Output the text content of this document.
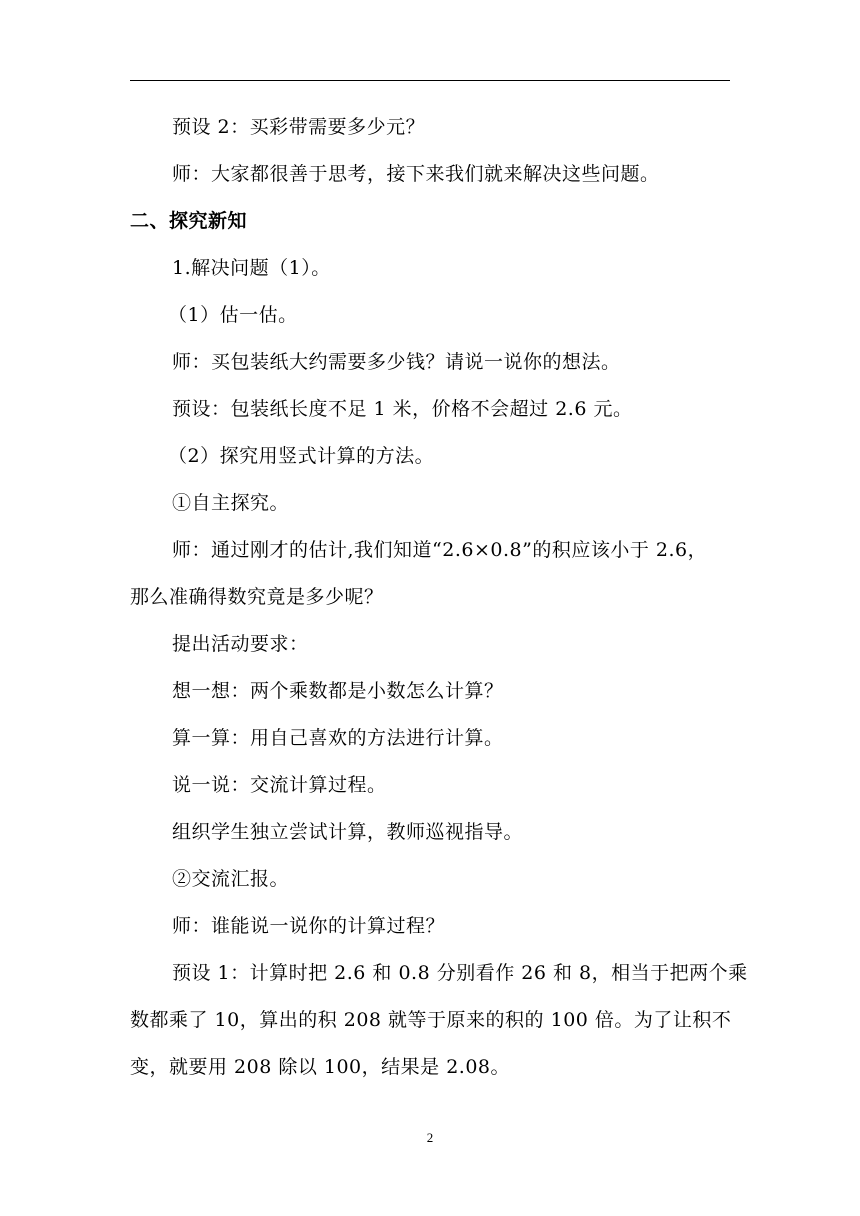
预设 2：买彩带需要多少元？
师：大家都很善于思考，接下来我们就来解决这些问题。
二、探究新知
1.解决问题（1）。
（1）估一估。
师：买包装纸大约需要多少钱？请说一说你的想法。
预设：包装纸长度不足 1 米，价格不会超过 2.6 元。
（2）探究用竖式计算的方法。
①自主探究。
师：通过刚才的估计,我们知道“2.6×0.8”的积应该小于 2.6，
那么准确得数究竟是多少呢？
提出活动要求：
想一想：两个乘数都是小数怎么计算？
算一算：用自己喜欢的方法进行计算。
说一说：交流计算过程。
组织学生独立尝试计算，教师巡视指导。
②交流汇报。
师：谁能说一说你的计算过程？
预设 1：计算时把 2.6 和 0.8 分别看作 26 和 8，相当于把两个乘
数都乘了 10，算出的积 208 就等于原来的积的 100 倍。为了让积不
变，就要用 208 除以 100，结果是 2.08。
2
